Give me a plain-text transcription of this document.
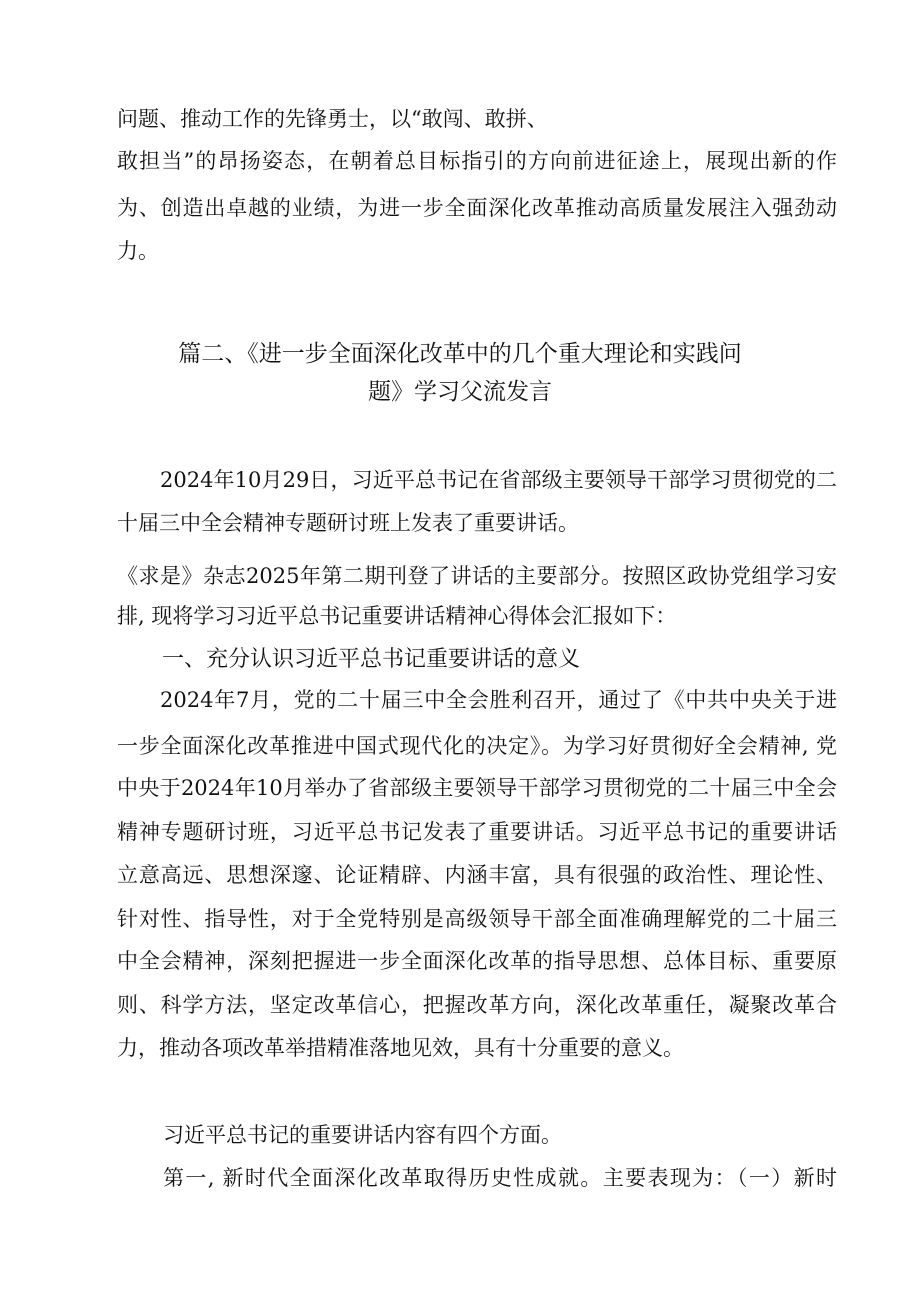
问题、推动工作的先锋勇士，以“敢闯、敢拼、
敢担当”的昂扬姿态，在朝着总目标指引的方向前进征途上，展现出新的作
为、创造出卓越的业绩，为进一步全面深化改革推动高质量发展注入强劲动
力。
篇二、《进一步全面深化改革中的几个重大理论和实践问
题》学习父流发言
2024年10月29日，习近平总书记在省部级主要领导干部学习贯彻党的二
十届三中全会精神专题研讨班上发表了重要讲话。
《求是》杂志2025年第二期刊登了讲话的主要部分。按照区政协党组学习安
排, 现将学习习近平总书记重要讲话精神心得体会汇报如下：
一、充分认识习近平总书记重要讲话的意义
2024年7月，党的二十届三中全会胜利召开，通过了《中共中央关于进
一步全面深化改革推进中国式现代化的决定》。为学习好贯彻好全会精神, 党
中央于2024年10月举办了省部级主要领导干部学习贯彻党的二十届三中全会
精神专题研讨班，习近平总书记发表了重要讲话。习近平总书记的重要讲话
立意高远、思想深邃、论证精辟、内涵丰富，具有很强的政治性、理论性、
针对性、指导性，对于全党特别是高级领导干部全面准确理解党的二十届三
中全会精神，深刻把握进一步全面深化改革的指导思想、总体目标、重要原
则、科学方法，坚定改革信心，把握改革方向，深化改革重任，凝聚改革合
力，推动各项改革举措精准落地见效，具有十分重要的意义。
习近平总书记的重要讲话内容有四个方面。
第一, 新时代全面深化改革取得历史性成就。主要表现为：（一）新时
